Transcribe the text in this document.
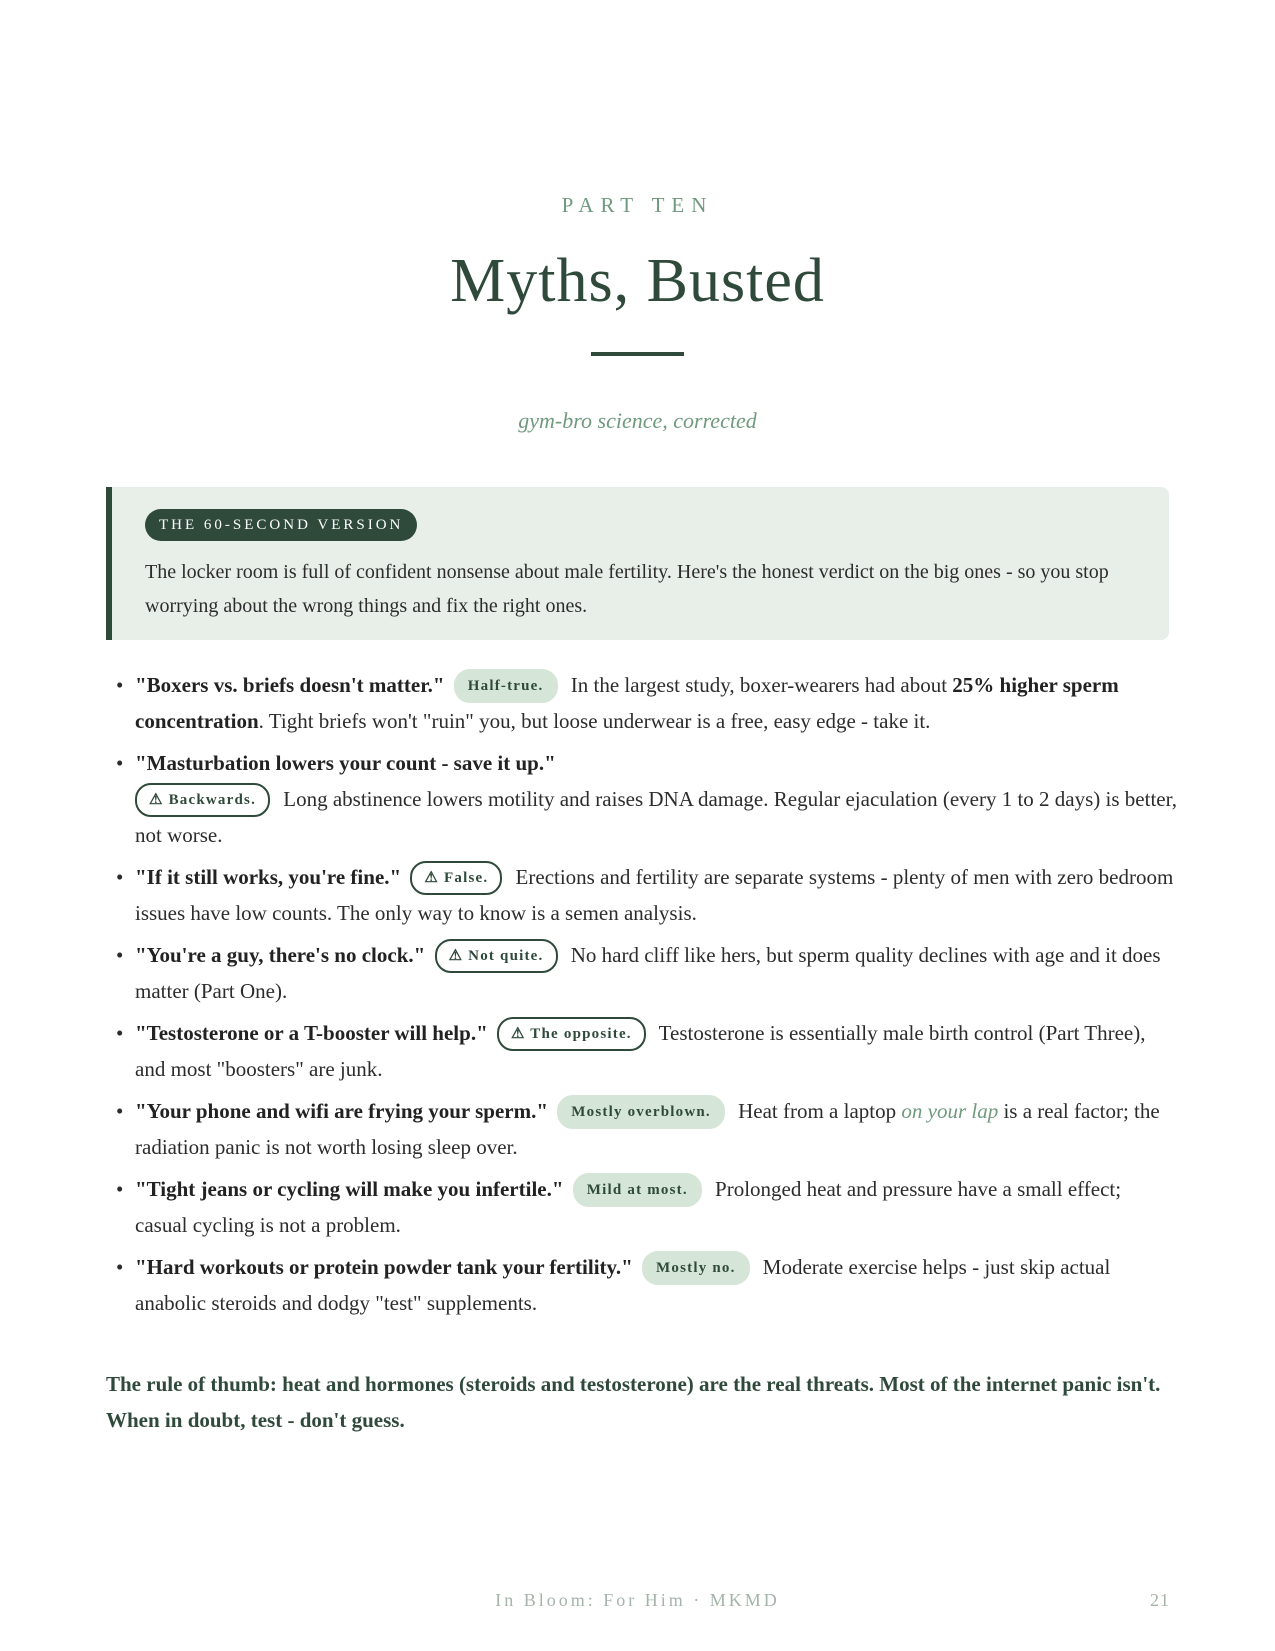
PART TEN
Myths, Busted
gym-bro science, corrected
THE 60-SECOND VERSION
The locker room is full of confident nonsense about male fertility. Here's the honest verdict on the big ones - so you stop worrying about the wrong things and fix the right ones.
• "Boxers vs. briefs doesn't matter." Half-true. In the largest study, boxer-wearers had about 25% higher sperm concentration. Tight briefs won't "ruin" you, but loose underwear is a free, easy edge - take it.
• "Masturbation lowers your count - save it up."
⚠ Backwards. Long abstinence lowers motility and raises DNA damage. Regular ejaculation (every 1 to 2 days) is better, not worse.
• "If it still works, you're fine." ⚠ False. Erections and fertility are separate systems - plenty of men with zero bedroom issues have low counts. The only way to know is a semen analysis.
• "You're a guy, there's no clock." ⚠ Not quite. No hard cliff like hers, but sperm quality declines with age and it does matter (Part One).
• "Testosterone or a T-booster will help." ⚠ The opposite. Testosterone is essentially male birth control (Part Three), and most "boosters" are junk.
• "Your phone and wifi are frying your sperm." Mostly overblown. Heat from a laptop on your lap is a real factor; the radiation panic is not worth losing sleep over.
• "Tight jeans or cycling will make you infertile." Mild at most. Prolonged heat and pressure have a small effect; casual cycling is not a problem.
• "Hard workouts or protein powder tank your fertility." Mostly no. Moderate exercise helps - just skip actual anabolic steroids and dodgy "test" supplements.
The rule of thumb: heat and hormones (steroids and testosterone) are the real threats. Most of the internet panic isn't. When in doubt, test - don't guess.
In Bloom: For Him · MKMD	21
